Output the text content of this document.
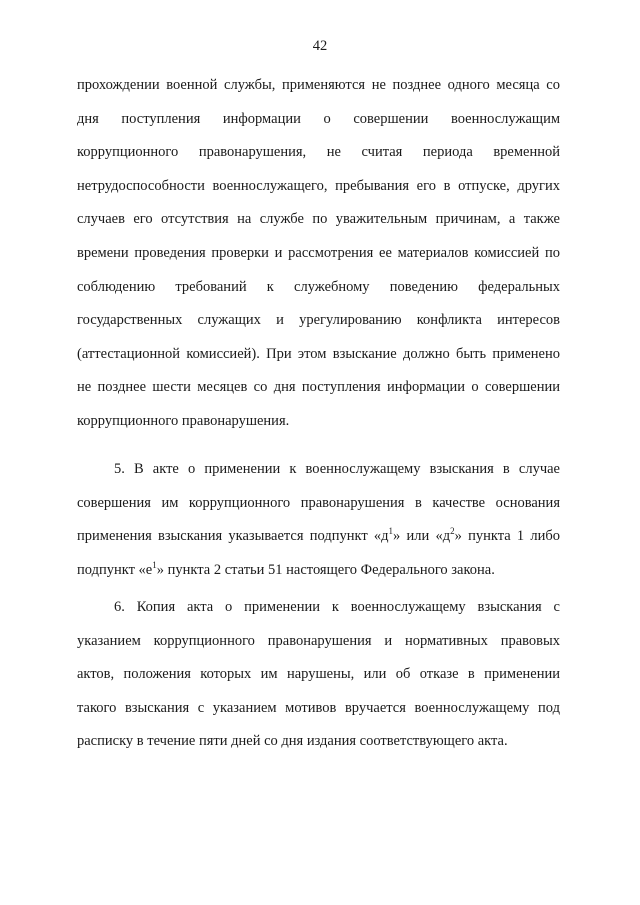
42
прохождении военной службы, применяются не позднее одного месяца со
дня поступления информации о совершении военнослужащим
коррупционного правонарушения, не считая периода временной
нетрудоспособности военнослужащего, пребывания его в отпуске, других
случаев его отсутствия на службе по уважительным причинам, а также
времени проведения проверки и рассмотрения ее материалов комиссией по
соблюдению требований к служебному поведению федеральных
государственных служащих и урегулированию конфликта интересов
(аттестационной комиссией). При этом взыскание должно быть применено
не позднее шести месяцев со дня поступления информации о совершении
коррупционного правонарушения.
5. В акте о применении к военнослужащему взыскания в случае
совершения им коррупционного правонарушения в качестве основания
применения взыскания указывается подпункт «$д^1$» или «$д^2$» пункта 1 либо
подпункт «$е^1$» пункта 2 статьи 51 настоящего Федерального закона.
6. Копия акта о применении к военнослужащему взыскания с
указанием коррупционного правонарушения и нормативных правовых
актов, положения которых им нарушены, или об отказе в применении
такого взыскания с указанием мотивов вручается военнослужащему под
расписку в течение пяти дней со дня издания соответствующего акта.
